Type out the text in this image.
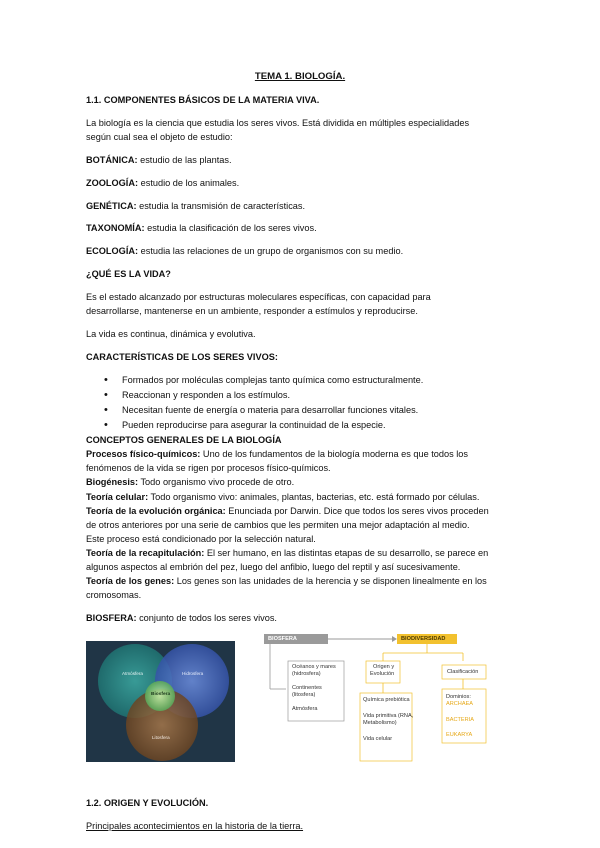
TEMA 1. BIOLOGÍA.
1.1. COMPONENTES BÁSICOS DE LA MATERIA VIVA.
La biología es la ciencia que estudia los seres vivos. Está dividida en múltiples especialidades
según cual sea el objeto de estudio:
BOTÁNICA: estudio de las plantas.
ZOOLOGÍA: estudio de los animales.
GENÉTICA: estudia la transmisión de características.
TAXONOMÍA: estudia la clasificación de los seres vivos.
ECOLOGÍA: estudia las relaciones de un grupo de organismos con su medio.
¿QUÉ ES LA VIDA?
Es el estado alcanzado por estructuras moleculares específicas, con capacidad para
desarrollarse, mantenerse en un ambiente, responder a estímulos y reproducirse.
La vida es continua, dinámica y evolutiva.
CARACTERÍSTICAS DE LOS SERES VIVOS:
• Formados por moléculas complejas tanto química como estructuralmente.
• Reaccionan y responden a los estímulos.
• Necesitan fuente de energía o materia para desarrollar funciones vitales.
• Pueden reproducirse para asegurar la continuidad de la especie.
CONCEPTOS GENERALES DE LA BIOLOGÍA
Procesos físico-químicos: Uno de los fundamentos de la biología moderna es que todos los
fenómenos de la vida se rigen por procesos físico-químicos.
Biogénesis: Todo organismo vivo procede de otro.
Teoría celular: Todo organismo vivo: animales, plantas, bacterias, etc. está formado por células.
Teoría de la evolución orgánica: Enunciada por Darwin. Dice que todos los seres vivos proceden
de otros anteriores por una serie de cambios que les permiten una mejor adaptación al medio.
Este proceso está condicionado por la selección natural.
Teoría de la recapitulación: El ser humano, en las distintas etapas de su desarrollo, se parece en
algunos aspectos al embrión del pez, luego del anfibio, luego del reptil y así sucesivamente.
Teoría de los genes: Los genes son las unidades de la herencia y se disponen linealmente en los
cromosomas.
BIOSFERA: conjunto de todos los seres vivos.
Atmósfera	Hidrosfera
Litosfera
Biosfera
BIOSFERA	BIODIVERSIDAD
Océanos y mares
(hidrosfera)
Continentes
(litosfera)
Atmósfera
Origen y
Evolución
Química prebiótica
Vida primitiva (RNA,
Metabolismo)
Vida celular
Clasificación
Dominios:
ARCHAEA
BACTERIA
EUKARYA
1.2. ORIGEN Y EVOLUCIÓN.
Principales acontecimientos en la historia de la tierra.
